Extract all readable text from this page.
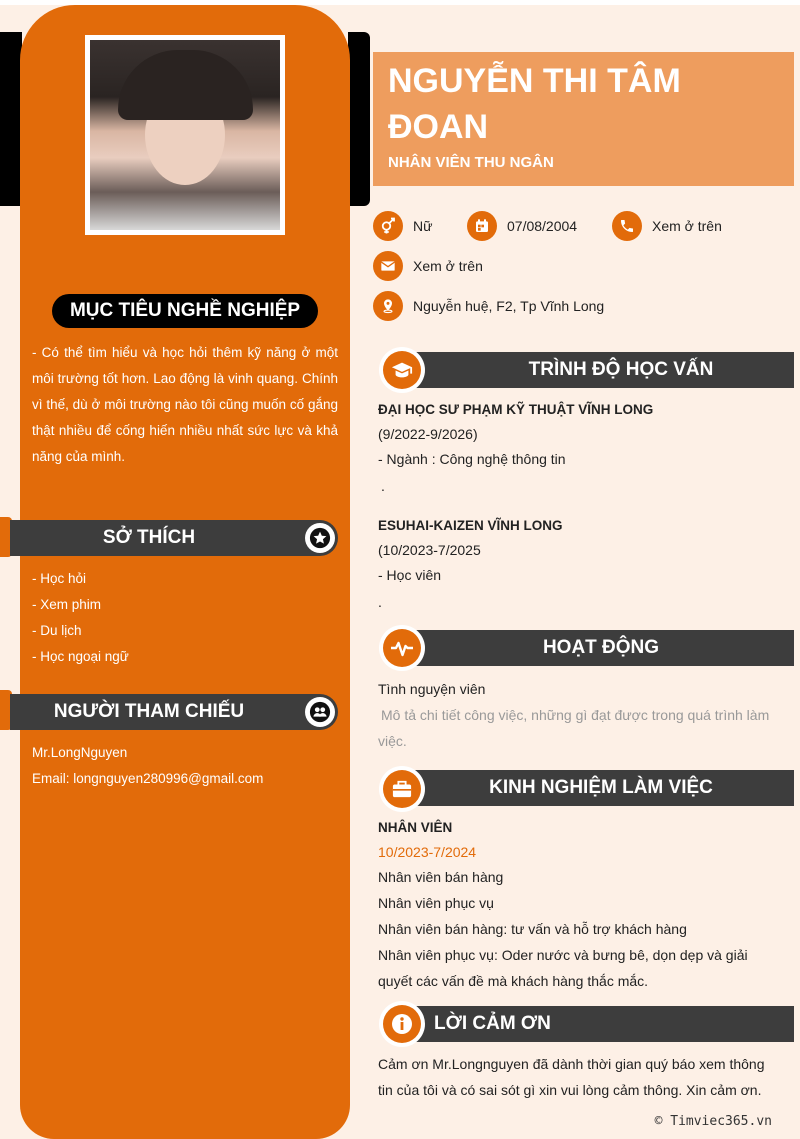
MỤC TIÊU NGHỀ NGHIỆP
- Có thể tìm hiểu và học hỏi thêm kỹ năng ở một môi trường tốt hơn. Lao động là vinh quang. Chính vì thế, dù ở môi trường nào tôi cũng muốn cố gắng thật nhiều để cống hiến nhiều nhất sức lực và khả năng của mình.
SỞ THÍCH
- Học hỏi
- Xem phim
- Du lịch
- Học ngoại ngữ
NGƯỜI THAM CHIẾU
Mr.LongNguyen
Email: longnguyen280996@gmail.com
NGUYỄN THI TÂM ĐOAN
NHÂN VIÊN THU NGÂN
Nữ	07/08/2004	Xem ở trên
Xem ở trên
Nguyễn huệ, F2, Tp Vĩnh Long
TRÌNH ĐỘ HỌC VẤN
ĐẠI HỌC SƯ PHẠM KỸ THUẬT VĨNH LONG
(9/2022-9/2026)
- Ngành : Công nghệ thông tin
.
ESUHAI-KAIZEN VĨNH LONG
(10/2023-7/2025
- Học viên
.
HOẠT ĐỘNG
Tình nguyện viên
Mô tả chi tiết công việc, những gì đạt được trong quá trình làm việc.
KINH NGHIỆM LÀM VIỆC
NHÂN VIÊN
10/2023-7/2024
Nhân viên bán hàng
Nhân viên phục vụ
Nhân viên bán hàng: tư vấn và hỗ trợ khách hàng
Nhân viên phục vụ: Oder nước và bưng bê, dọn dẹp và giải quyết các vấn đề mà khách hàng thắc mắc.
LỜI CẢM ƠN
Cảm ơn Mr.Longnguyen đã dành thời gian quý báo xem thông tin của tôi và có sai sót gì xin vui lòng cảm thông. Xin cảm ơn.
© Timviec365.vn
